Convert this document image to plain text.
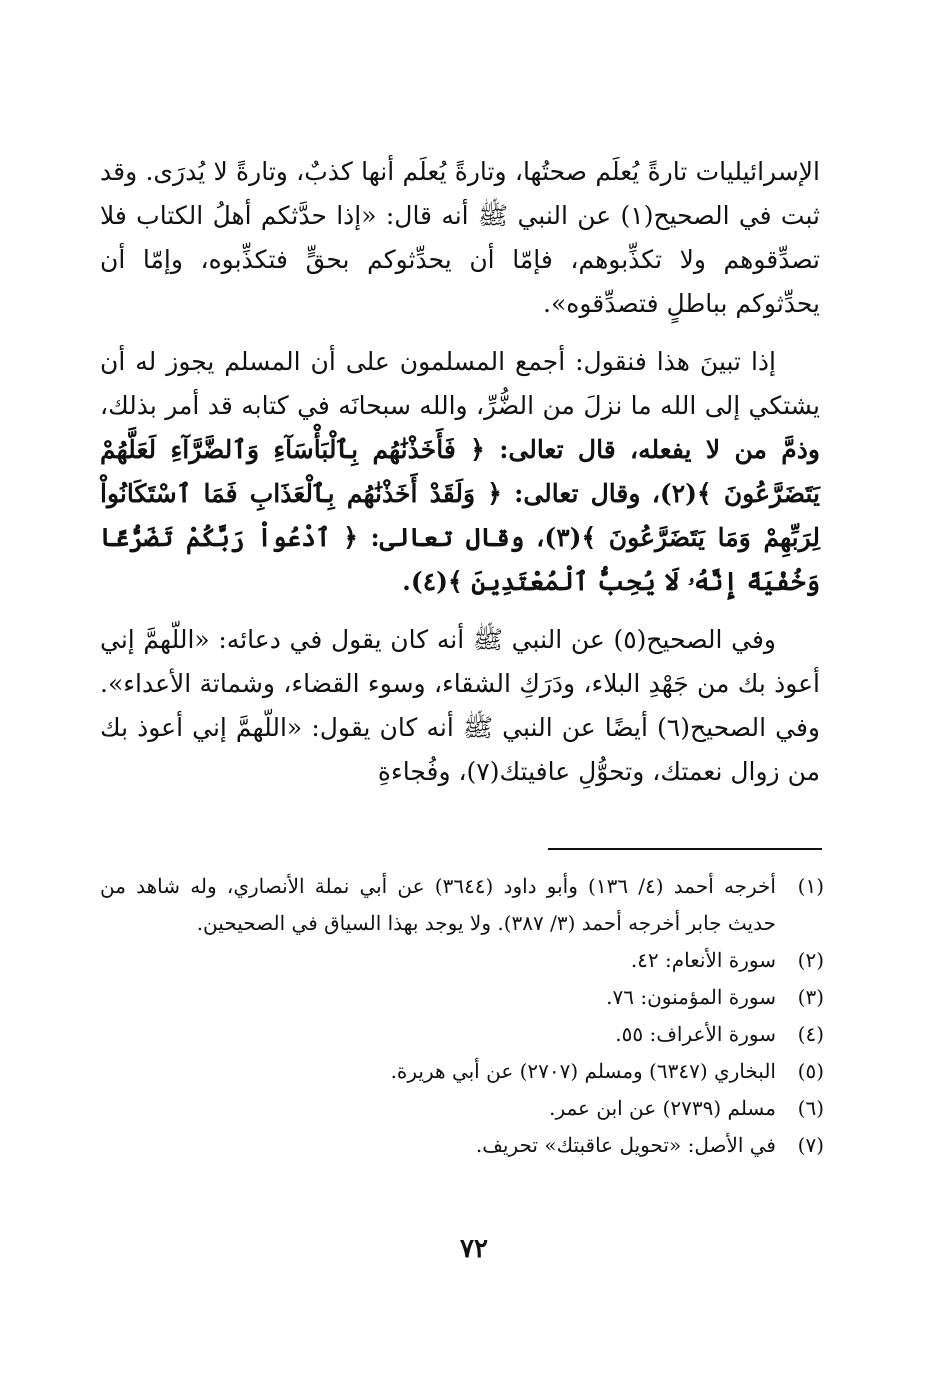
الإسرائيليات تارةً يُعلَم صحتُها، وتارةً يُعلَم أنها كذبٌ، وتارةً لا يُدرَى. وقد ثبت في الصحيح(١) عن النبي ﷺ أنه قال: «إذا حدَّثكم أهلُ الكتاب فلا تصدِّقوهم ولا تكذِّبوهم، فإمّا أن يحدِّثوكم بحقٍّ فتكذِّبوه، وإمّا أن يحدِّثوكم بباطلٍ فتصدِّقوه».

إذا تبينَ هذا فنقول: أجمع المسلمون على أن المسلم يجوز له أن يشتكي إلى الله ما نزلَ من الضُّرِّ، والله سبحانَه في كتابه قد أمر بذلك، وذمَّ من لا يفعله، قال تعالى: ﴿ فَأَخَذْنَٰهُم بِٱلْبَأْسَآءِ وَٱلضَّرَّآءِ لَعَلَّهُمْ يَتَضَرَّعُونَ ﴾(٢)، وقال تعالى: ﴿ وَلَقَدْ أَخَذْنَٰهُم بِٱلْعَذَابِ فَمَا ٱسْتَكَانُواْ لِرَبِّهِمْ وَمَا يَتَضَرَّعُونَ ﴾(٣)، وقال تعالى: ﴿ ٱدْعُواْ رَبَّكُمْ تَضَرُّعًا وَخُفْيَةً إِنَّهُۥ لَا يُحِبُّ ٱلْمُعْتَدِينَ ﴾(٤).

وفي الصحيح(٥) عن النبي ﷺ أنه كان يقول في دعائه: «اللّهمَّ إني أعوذ بك من جَهْدِ البلاء، ودَرَكِ الشقاء، وسوء القضاء، وشماتة الأعداء». وفي الصحيح(٦) أيضًا عن النبي ﷺ أنه كان يقول: «اللّهمَّ إني أعوذ بك من زوال نعمتك، وتحوُّلِ عافيتك(٧)، وفُجاءةِ

(١)
أخرجه أحمد (٤/ ١٣٦) وأبو داود (٣٦٤٤) عن أبي نملة الأنصاري، وله شاهد من حديث جابر أخرجه أحمد (٣/ ٣٨٧). ولا يوجد بهذا السياق في الصحيحين.
(٢)
سورة الأنعام: ٤٢.
(٣)
سورة المؤمنون: ٧٦.
(٤)
سورة الأعراف: ٥٥.
(٥)
البخاري (٦٣٤٧) ومسلم (٢٧٠٧) عن أبي هريرة.
(٦)
مسلم (٢٧٣٩) عن ابن عمر.
(٧)
في الأصل: «تحويل عاقبتك» تحريف.
٧٢
